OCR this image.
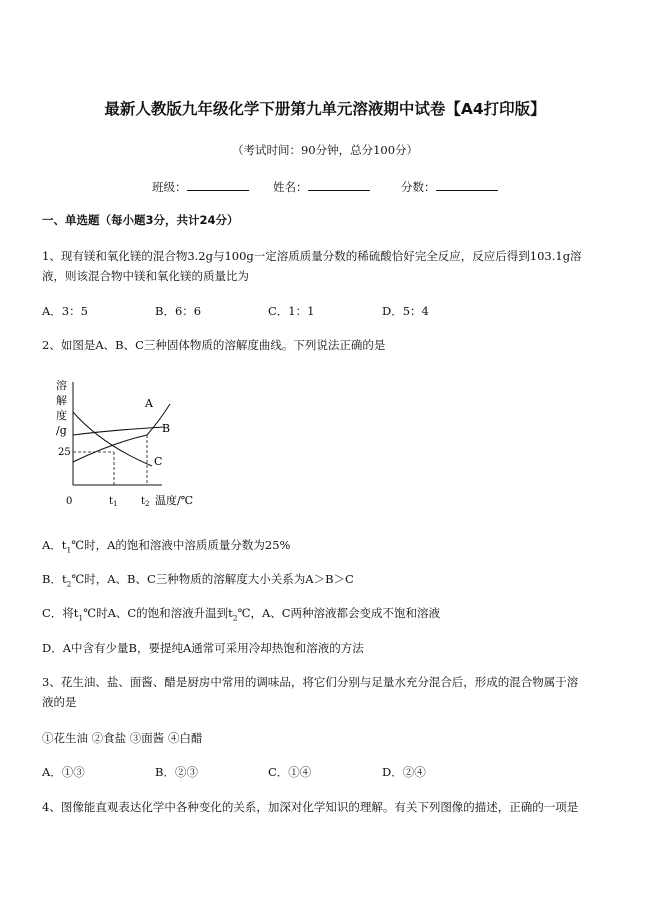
最新人教版九年级化学下册第九单元溶液期中试卷【A4打印版】
（考试时间：90分钟，总分100分）
班级：	姓名：	分数：
一、单选题（每小题3分，共计24分）
1、现有镁和氧化镁的混合物3.2g与100g一定溶质质量分数的稀硫酸恰好完全反应，反应后得到103.1g溶
液，则该混合物中镁和氧化镁的质量比为
A．3：5	B．6：6	C．1：1	D．5：4
2、如图是A、B、C三种固体物质的溶解度曲线。下列说法正确的是
溶
解
度
/g
25
0	$t_1$ $t_2$ 温度/℃
A
B
C
A．$t_1℃$时，A的饱和溶液中溶质质量分数为25%
B．$t_2℃$时，A、B、C三种物质的溶解度大小关系为A＞B＞C
C．将$t_1℃$时A、C的饱和溶液升温到$t_2℃$，A、C两种溶液都会变成不饱和溶液
D．A中含有少量B，要提纯A通常可采用冷却热饱和溶液的方法
3、花生油、盐、面酱、醋是厨房中常用的调味品，将它们分别与足量水充分混合后，形成的混合物属于溶
液的是
①花生油 ②食盐 ③面酱 ④白醋
A．①③	B．②③	C．①④	D．②④
4、图像能直观表达化学中各种变化的关系，加深对化学知识的理解。有关下列图像的描述，正确的一项是
